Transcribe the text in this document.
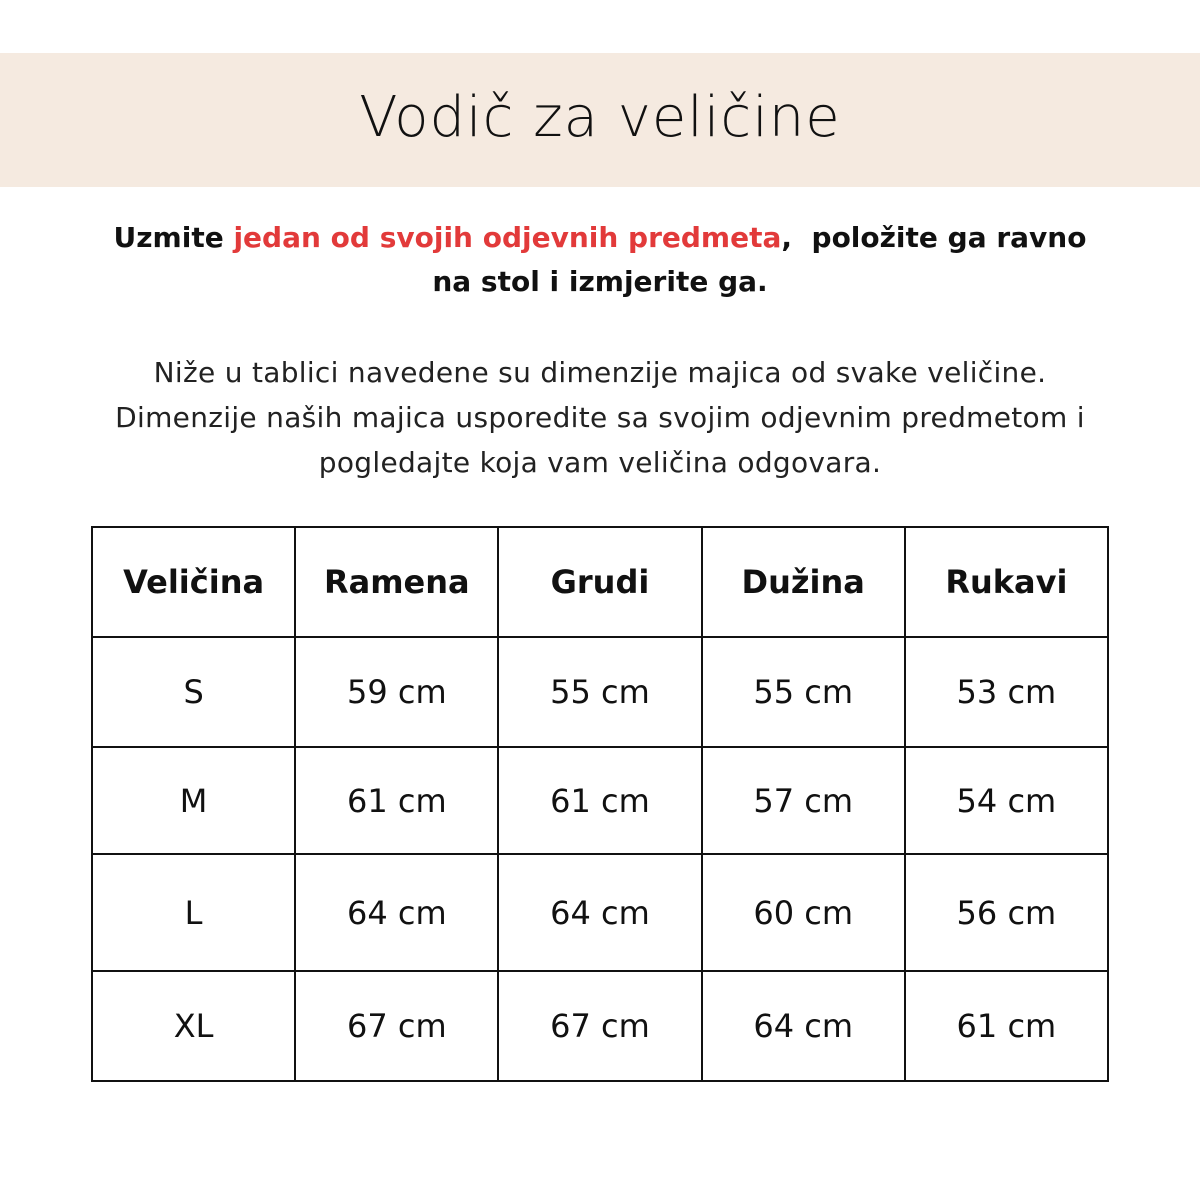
Vodič za veličine
Uzmite jedan od svojih odjevnih predmeta,  položite ga ravno
na stol i izmjerite ga.
Niže u tablici navedene su dimenzije majica od svake veličine.
Dimenzije naših majica usporedite sa svojim odjevnim predmetom i
pogledajte koja vam veličina odgovara.
Veličina	Ramena	Grudi	Dužina	Rukavi
S	59 cm	55 cm	55 cm	53 cm
M	61 cm	61 cm	57 cm	54 cm
L	64 cm	64 cm	60 cm	56 cm
XL	67 cm	67 cm	64 cm	61 cm
